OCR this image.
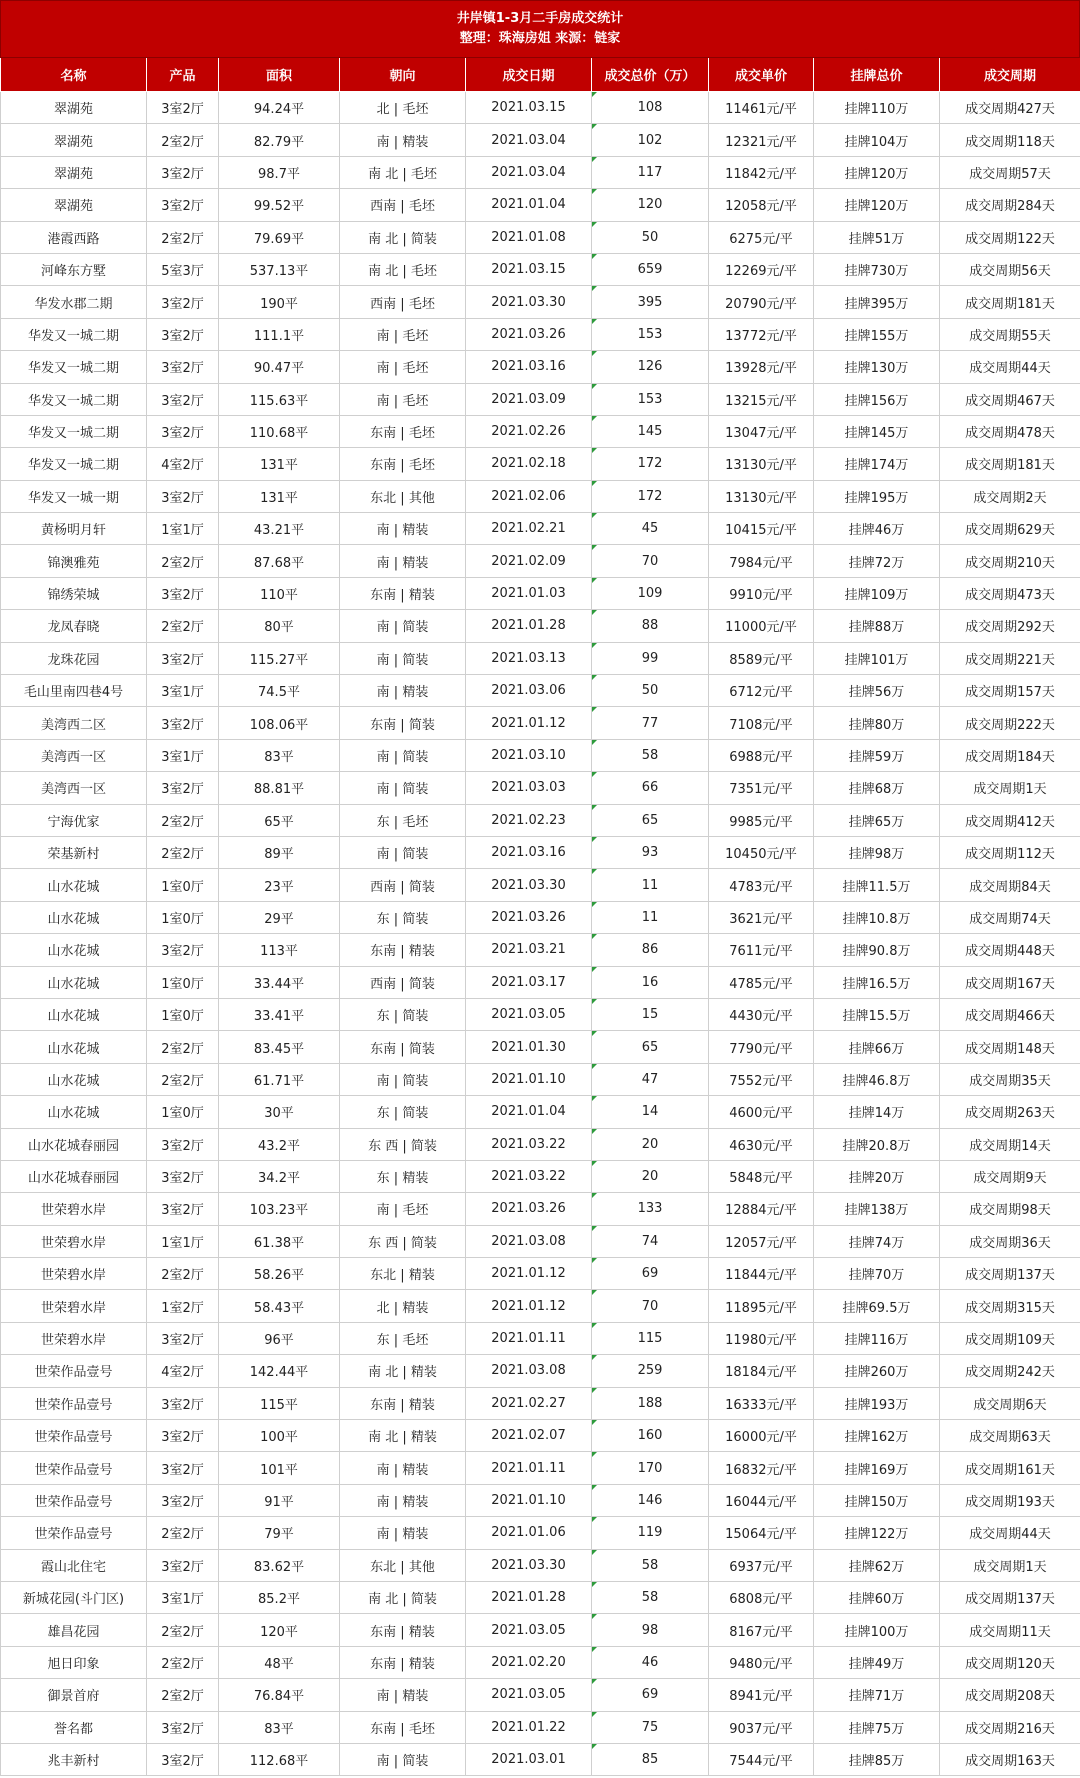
井岸镇1-3月二手房成交统计
整理：珠海房姐 来源：链家
名称	产品	面积	朝向	成交日期	成交总价（万）	成交单价	挂牌总价	成交周期
翠湖苑	3室2厅	94.24平	北 | 毛坯	2021.03.15	108	11461元/平	挂牌110万	成交周期427天
翠湖苑	2室2厅	82.79平	南 | 精装	2021.03.04	102	12321元/平	挂牌104万	成交周期118天
翠湖苑	3室2厅	98.7平	南 北 | 毛坯	2021.03.04	117	11842元/平	挂牌120万	成交周期57天
翠湖苑	3室2厅	99.52平	西南 | 毛坯	2021.01.04	120	12058元/平	挂牌120万	成交周期284天
港霞西路	2室2厅	79.69平	南 北 | 简装	2021.01.08	50	6275元/平	挂牌51万	成交周期122天
河峰东方墅	5室3厅	537.13平	南 北 | 毛坯	2021.03.15	659	12269元/平	挂牌730万	成交周期56天
华发水郡二期	3室2厅	190平	西南 | 毛坯	2021.03.30	395	20790元/平	挂牌395万	成交周期181天
华发又一城二期	3室2厅	111.1平	南 | 毛坯	2021.03.26	153	13772元/平	挂牌155万	成交周期55天
华发又一城二期	3室2厅	90.47平	南 | 毛坯	2021.03.16	126	13928元/平	挂牌130万	成交周期44天
华发又一城二期	3室2厅	115.63平	南 | 毛坯	2021.03.09	153	13215元/平	挂牌156万	成交周期467天
华发又一城二期	3室2厅	110.68平	东南 | 毛坯	2021.02.26	145	13047元/平	挂牌145万	成交周期478天
华发又一城二期	4室2厅	131平	东南 | 毛坯	2021.02.18	172	13130元/平	挂牌174万	成交周期181天
华发又一城一期	3室2厅	131平	东北 | 其他	2021.02.06	172	13130元/平	挂牌195万	成交周期2天
黄杨明月轩	1室1厅	43.21平	南 | 精装	2021.02.21	45	10415元/平	挂牌46万	成交周期629天
锦澳雅苑	2室2厅	87.68平	南 | 精装	2021.02.09	70	7984元/平	挂牌72万	成交周期210天
锦绣荣城	3室2厅	110平	东南 | 精装	2021.01.03	109	9910元/平	挂牌109万	成交周期473天
龙凤春晓	2室2厅	80平	南 | 简装	2021.01.28	88	11000元/平	挂牌88万	成交周期292天
龙珠花园	3室2厅	115.27平	南 | 简装	2021.03.13	99	8589元/平	挂牌101万	成交周期221天
毛山里南四巷4号	3室1厅	74.5平	南 | 精装	2021.03.06	50	6712元/平	挂牌56万	成交周期157天
美湾西二区	3室2厅	108.06平	东南 | 简装	2021.01.12	77	7108元/平	挂牌80万	成交周期222天
美湾西一区	3室1厅	83平	南 | 简装	2021.03.10	58	6988元/平	挂牌59万	成交周期184天
美湾西一区	3室2厅	88.81平	南 | 简装	2021.03.03	66	7351元/平	挂牌68万	成交周期1天
宁海优家	2室2厅	65平	东 | 毛坯	2021.02.23	65	9985元/平	挂牌65万	成交周期412天
荣基新村	2室2厅	89平	南 | 简装	2021.03.16	93	10450元/平	挂牌98万	成交周期112天
山水花城	1室0厅	23平	西南 | 简装	2021.03.30	11	4783元/平	挂牌11.5万	成交周期84天
山水花城	1室0厅	29平	东 | 简装	2021.03.26	11	3621元/平	挂牌10.8万	成交周期74天
山水花城	3室2厅	113平	东南 | 精装	2021.03.21	86	7611元/平	挂牌90.8万	成交周期448天
山水花城	1室0厅	33.44平	西南 | 简装	2021.03.17	16	4785元/平	挂牌16.5万	成交周期167天
山水花城	1室0厅	33.41平	东 | 简装	2021.03.05	15	4430元/平	挂牌15.5万	成交周期466天
山水花城	2室2厅	83.45平	东南 | 简装	2021.01.30	65	7790元/平	挂牌66万	成交周期148天
山水花城	2室2厅	61.71平	南 | 简装	2021.01.10	47	7552元/平	挂牌46.8万	成交周期35天
山水花城	1室0厅	30平	东 | 简装	2021.01.04	14	4600元/平	挂牌14万	成交周期263天
山水花城春丽园	3室2厅	43.2平	东 西 | 简装	2021.03.22	20	4630元/平	挂牌20.8万	成交周期14天
山水花城春丽园	3室2厅	34.2平	东 | 精装	2021.03.22	20	5848元/平	挂牌20万	成交周期9天
世荣碧水岸	3室2厅	103.23平	南 | 毛坯	2021.03.26	133	12884元/平	挂牌138万	成交周期98天
世荣碧水岸	1室1厅	61.38平	东 西 | 简装	2021.03.08	74	12057元/平	挂牌74万	成交周期36天
世荣碧水岸	2室2厅	58.26平	东北 | 精装	2021.01.12	69	11844元/平	挂牌70万	成交周期137天
世荣碧水岸	1室2厅	58.43平	北 | 精装	2021.01.12	70	11895元/平	挂牌69.5万	成交周期315天
世荣碧水岸	3室2厅	96平	东 | 毛坯	2021.01.11	115	11980元/平	挂牌116万	成交周期109天
世荣作品壹号	4室2厅	142.44平	南 北 | 精装	2021.03.08	259	18184元/平	挂牌260万	成交周期242天
世荣作品壹号	3室2厅	115平	东南 | 精装	2021.02.27	188	16333元/平	挂牌193万	成交周期6天
世荣作品壹号	3室2厅	100平	南 北 | 精装	2021.02.07	160	16000元/平	挂牌162万	成交周期63天
世荣作品壹号	3室2厅	101平	南 | 精装	2021.01.11	170	16832元/平	挂牌169万	成交周期161天
世荣作品壹号	3室2厅	91平	南 | 精装	2021.01.10	146	16044元/平	挂牌150万	成交周期193天
世荣作品壹号	2室2厅	79平	南 | 精装	2021.01.06	119	15064元/平	挂牌122万	成交周期44天
霞山北住宅	3室2厅	83.62平	东北 | 其他	2021.03.30	58	6937元/平	挂牌62万	成交周期1天
新城花园(斗门区)	3室1厅	85.2平	南 北 | 简装	2021.01.28	58	6808元/平	挂牌60万	成交周期137天
雄昌花园	2室2厅	120平	东南 | 精装	2021.03.05	98	8167元/平	挂牌100万	成交周期11天
旭日印象	2室2厅	48平	东南 | 精装	2021.02.20	46	9480元/平	挂牌49万	成交周期120天
御景首府	2室2厅	76.84平	南 | 精装	2021.03.05	69	8941元/平	挂牌71万	成交周期208天
誉名都	3室2厅	83平	东南 | 毛坯	2021.01.22	75	9037元/平	挂牌75万	成交周期216天
兆丰新村	3室2厅	112.68平	南 | 简装	2021.03.01	85	7544元/平	挂牌85万	成交周期163天
